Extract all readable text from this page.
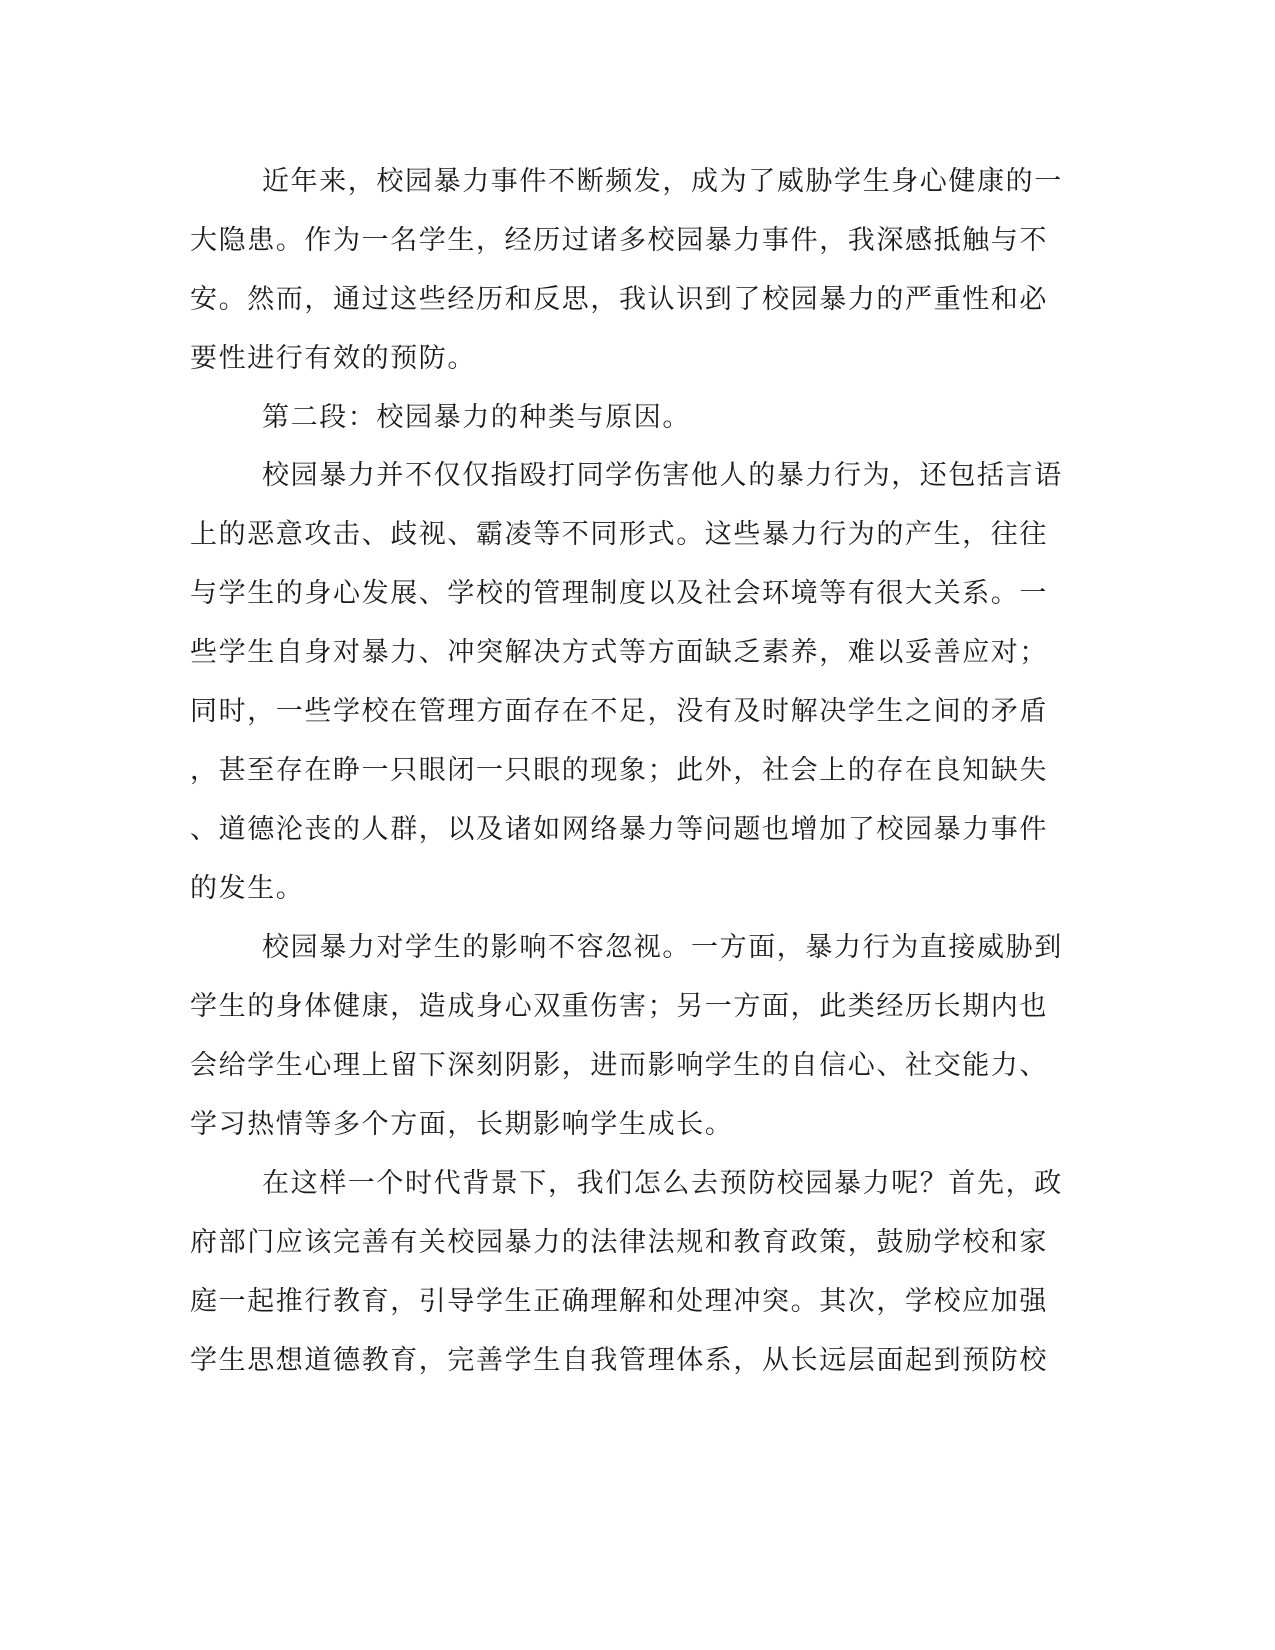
近年来，校园暴力事件不断频发，成为了威胁学生身心健康的一
大隐患。作为一名学生，经历过诸多校园暴力事件，我深感抵触与不
安。然而，通过这些经历和反思，我认识到了校园暴力的严重性和必
要性进行有效的预防。
第二段：校园暴力的种类与原因。
校园暴力并不仅仅指殴打同学伤害他人的暴力行为，还包括言语
上的恶意攻击、歧视、霸凌等不同形式。这些暴力行为的产生，往往
与学生的身心发展、学校的管理制度以及社会环境等有很大关系。一
些学生自身对暴力、冲突解决方式等方面缺乏素养，难以妥善应对；
同时，一些学校在管理方面存在不足，没有及时解决学生之间的矛盾
，甚至存在睁一只眼闭一只眼的现象；此外，社会上的存在良知缺失
、道德沦丧的人群，以及诸如网络暴力等问题也增加了校园暴力事件
的发生。
校园暴力对学生的影响不容忽视。一方面，暴力行为直接威胁到
学生的身体健康，造成身心双重伤害；另一方面，此类经历长期内也
会给学生心理上留下深刻阴影，进而影响学生的自信心、社交能力、
学习热情等多个方面，长期影响学生成长。
在这样一个时代背景下，我们怎么去预防校园暴力呢？首先，政
府部门应该完善有关校园暴力的法律法规和教育政策，鼓励学校和家
庭一起推行教育，引导学生正确理解和处理冲突。其次，学校应加强
学生思想道德教育，完善学生自我管理体系，从长远层面起到预防校
